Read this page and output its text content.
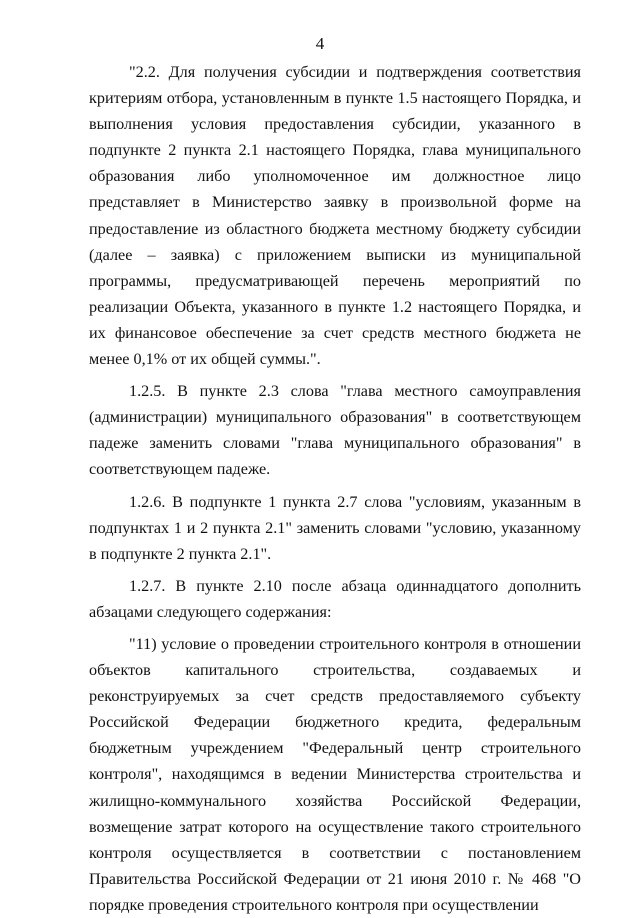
4

"2.2. Для получения субсидии и подтверждения соответствия критериям отбора, установленным в пункте 1.5 настоящего Порядка, и выполнения условия предоставления субсидии, указанного в подпункте 2 пункта 2.1 настоящего Порядка, глава муниципального образования либо уполномоченное им должностное лицо представляет в Министерство заявку в произвольной форме на предоставление из областного бюджета местному бюджету субсидии (далее – заявка) с приложением выписки из муниципальной программы, предусматривающей перечень мероприятий по реализации Объекта, указанного в пункте 1.2 настоящего Порядка, и их финансовое обеспечение за счет средств местного бюджета не менее 0,1% от их общей суммы.".

1.2.5. В пункте 2.3 слова "глава местного самоуправления (администрации) муниципального образования" в соответствующем падеже заменить словами "глава муниципального образования" в соответствующем падеже.

1.2.6. В подпункте 1 пункта 2.7 слова "условиям, указанным в подпунктах 1 и 2 пункта 2.1" заменить словами "условию, указанному в подпункте 2 пункта 2.1".

1.2.7. В пункте 2.10 после абзаца одиннадцатого дополнить абзацами следующего содержания:

"11) условие о проведении строительного контроля в отношении объектов капитального строительства, создаваемых и реконструируемых за счет средств предоставляемого субъекту Российской Федерации бюджетного кредита, федеральным бюджетным учреждением "Федеральный центр строительного контроля", находящимся в ведении Министерства строительства и жилищно-коммунального хозяйства Российской Федерации, возмещение затрат которого на осуществление такого строительного контроля осуществляется в соответствии с постановлением Правительства Российской Федерации от 21 июня 2010 г. № 468 "О порядке проведения строительного контроля при осуществлении
